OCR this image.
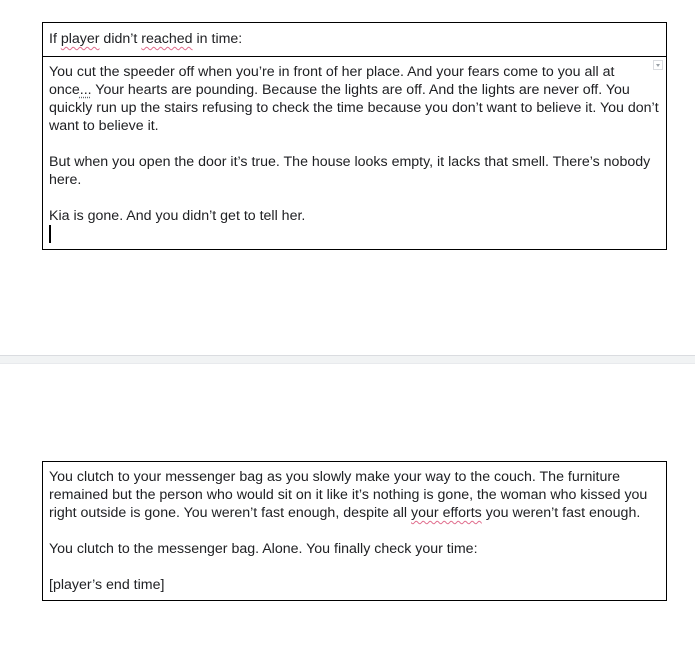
If player didn’t reached in time:

You cut the speeder off when you’re in front of her place. And your fears come to you all at once... Your hearts are pounding. Because the lights are off. And the lights are never off. You quickly run up the stairs refusing to check the time because you don’t want to believe it. You don’t want to believe it.

But when you open the door it’s true. The house looks empty, it lacks that smell. There’s nobody here.

Kia is gone. And you didn’t get to tell her.

You clutch to your messenger bag as you slowly make your way to the couch. The furniture remained but the person who would sit on it like it’s nothing is gone, the woman who kissed you right outside is gone. You weren’t fast enough, despite all your efforts you weren’t fast enough.

You clutch to the messenger bag. Alone. You finally check your time:

[player’s end time]
